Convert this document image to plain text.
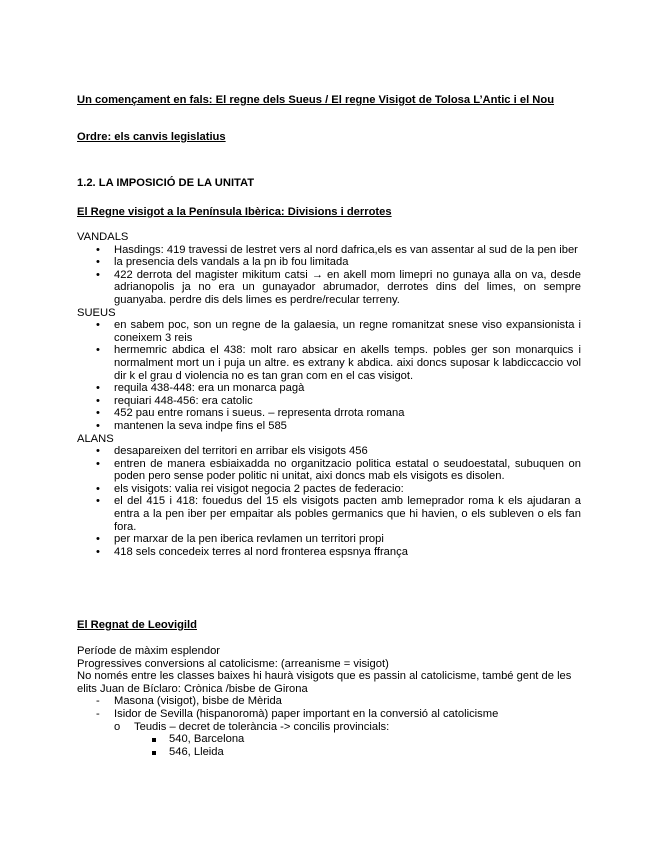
Un començament en fals: El regne dels Sueus / El regne Visigot de Tolosa L’Antic i el Nou
Ordre: els canvis legislatius
1.2. LA IMPOSICIÓ DE LA UNITAT
El Regne visigot a la Península Ibèrica: Divisions i derrotes
VANDALS
• Hasdings: 419 travessi de lestret vers al nord dafrica,els es van assentar al sud de la pen iber
• la presencia dels vandals a la pn ib fou limitada
• 422 derrota del magister mikitum catsi → en akell mom limepri no gunaya alla on va, desde adrianopolis ja no era un gunayador abrumador, derrotes dins del limes, on sempre guanyaba. perdre dis dels limes es perdre/recular terreny.
SUEUS
• en sabem poc, son un regne de la galaesia, un regne romanitzat snese viso expansionista i coneixem 3 reis
• hermemric abdica el 438: molt raro absicar en akells temps. pobles ger son monarquics i normalment mort un i puja un altre. es extrany k abdica. aixi doncs suposar k labdiccaccio vol dir k el grau d violencia no es tan gran com en el cas visigot.
• requila 438-448: era un monarca pagà
• requiari 448-456: era catolic
• 452 pau entre romans i sueus. – representa drrota romana
• mantenen la seva indpe fins el 585
ALANS
• desapareixen del territori en arribar els visigots 456
• entren de manera esbiaixadda no organitzacio politica estatal o seudoestatal, subuquen on poden pero sense poder politic ni unitat, aixi doncs mab els visigots es disolen.
• els visigots: valia rei visigot negocia 2 pactes de federacio:
• el del 415 i 418: fouedus del 15 els visigots pacten amb lemeprador roma k els ajudaran a entra a la pen iber per empaitar als pobles germanics que hi havien, o els subleven o els fan fora.
• per marxar de la pen iberica revlamen un territori propi
• 418 sels concedeix terres al nord fronterea espsnya ffrança
El Regnat de Leovigild
Període de màxim esplendor
Progressives conversions al catolicisme: (arreanisme = visigot)
No només entre les classes baixes hi haurà visigots que es passin al catolicisme, també gent de les elits Juan de Bíclaro: Crònica /bisbe de Girona
- Masona (visigot), bisbe de Mèrida
- Isidor de Sevilla (hispanoromà) paper important en la conversió al catolicisme
o Teudis – decret de tolerància -> concilis provincials:
540, Barcelona
546, Lleida
